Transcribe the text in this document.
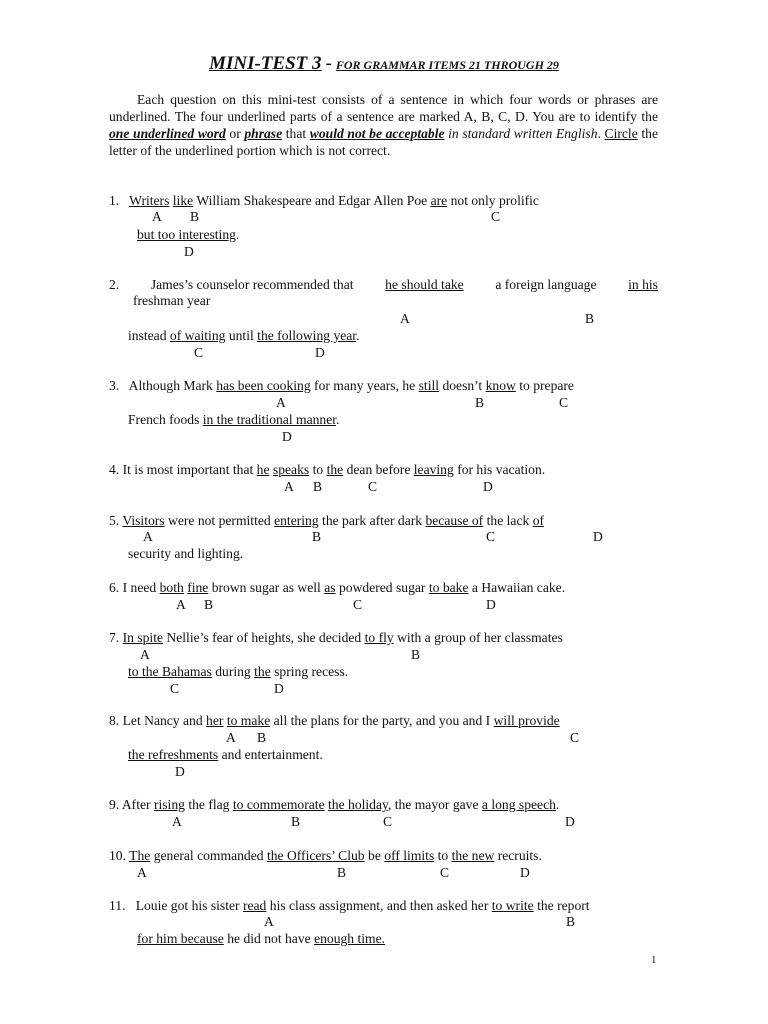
MINI-TEST 3 - FOR GRAMMAR ITEMS 21 THROUGH 29
Each question on this mini-test consists of a sentence in which four words or phrases are underlined. The four underlined parts of a sentence are marked A, B, C, D. You are to identify the one underlined word or phrase that would not be acceptable in standard written English. Circle the letter of the underlined portion which is not correct.
1. Writers like William Shakespeare and Edgar Allen Poe are not only prolific
A B	C
but too interesting.
D
2. James’s counselor recommended that he should take a foreign language in his
freshman year
A	B
instead of waiting until the following year.
C	D
3. Although Mark has been cooking for many years, he still doesn’t know to prepare
A	B	C
French foods in the traditional manner.
D
4. It is most important that he speaks to the dean before leaving for his vacation.
A B	C	D
5. Visitors were not permitted entering the park after dark because of the lack of
A	B	C	D
security and lighting.
6. I need both fine brown sugar as well as powdered sugar to bake a Hawaiian cake.
A B	C	D
7. In spite Nellie’s fear of heights, she decided to fly with a group of her classmates
A	B
to the Bahamas during the spring recess.
C	D
8. Let Nancy and her to make all the plans for the party, and you and I will provide
A B	C
the refreshments and entertainment.
D
9. After rising the flag to commemorate the holiday, the mayor gave a long speech.
A	B	C	D
10. The general commanded the Officers’ Club be off limits to the new recruits.
A	B	C	D
11. Louie got his sister read his class assignment, and then asked her to write the report
A	B
for him because he did not have enough time.
1
